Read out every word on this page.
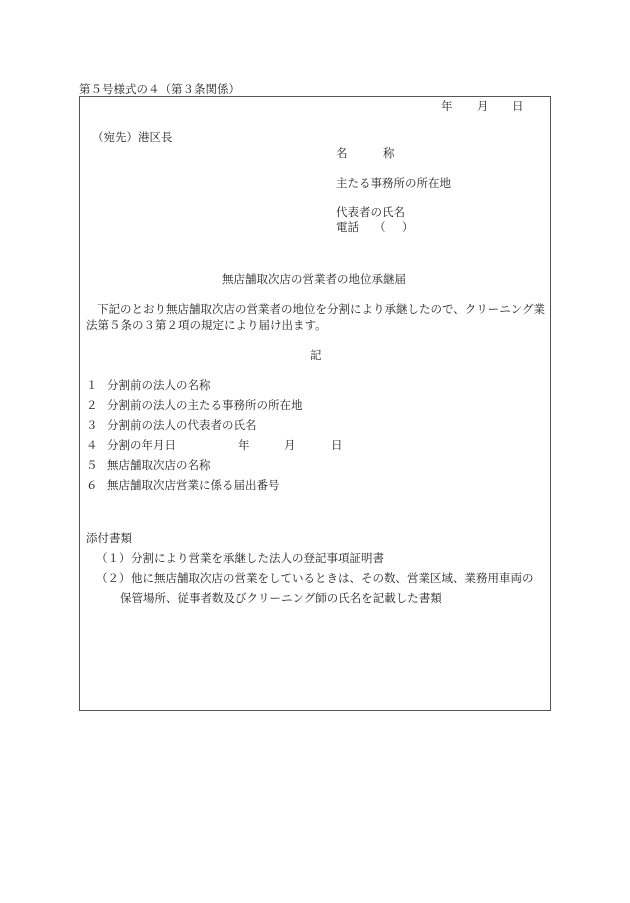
第５号様式の４（第３条関係）
年 月 日
（宛先）港区長
名	称
主たる事務所の所在地
代表者の氏名
電話 （ ）
無店舗取次店の営業者の地位承継届
下記のとおり無店舗取次店の営業者の地位を分割により承継したので、クリーニング業
法第５条の３第２項の規定により届け出ます。
記
１ 分割前の法人の名称
２ 分割前の法人の主たる事務所の所在地
３ 分割前の法人の代表者の氏名
４ 分割の年月日	年	月	日
５ 無店舗取次店の名称
６ 無店舗取次店営業に係る届出番号
添付書類
（１） 分割により営業を承継した法人の登記事項証明書
（２） 他に無店舗取次店の営業をしているときは、その数、営業区域、業務用車両の
保管場所、従事者数及びクリーニング師の氏名を記載した書類
